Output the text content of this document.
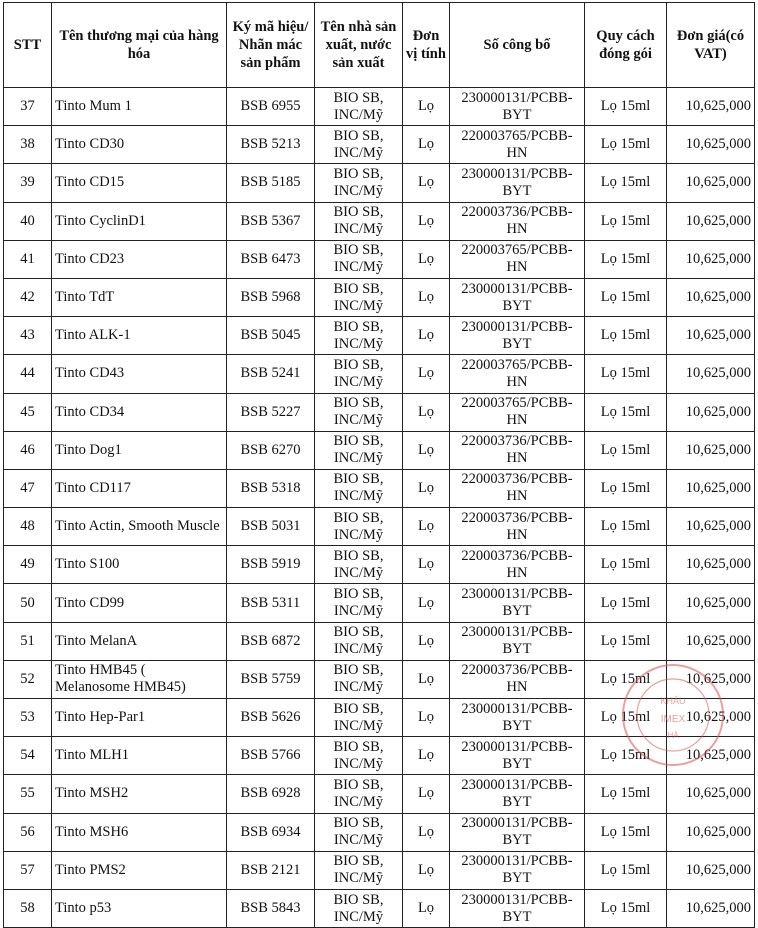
STT	Tên thương mại của hàng hóa	Ký mã hiệu/ Nhãn mác sản phẩm	Tên nhà sản xuất, nước sản xuất	Đơn vị tính	Số công bố	Quy cách đóng gói	Đơn giá(có VAT)
37	Tinto Mum 1	BSB 6955	BIO SB, INC/Mỹ	Lọ	230000131/PCBB-BYT	Lọ 15ml	10,625,000
38	Tinto CD30	BSB 5213	BIO SB, INC/Mỹ	Lọ	220003765/PCBB-HN	Lọ 15ml	10,625,000
39	Tinto CD15	BSB 5185	BIO SB, INC/Mỹ	Lọ	230000131/PCBB-BYT	Lọ 15ml	10,625,000
40	Tinto CyclinD1	BSB 5367	BIO SB, INC/Mỹ	Lọ	220003736/PCBB-HN	Lọ 15ml	10,625,000
41	Tinto CD23	BSB 6473	BIO SB, INC/Mỹ	Lọ	220003765/PCBB-HN	Lọ 15ml	10,625,000
42	Tinto TdT	BSB 5968	BIO SB, INC/Mỹ	Lọ	230000131/PCBB-BYT	Lọ 15ml	10,625,000
43	Tinto ALK-1	BSB 5045	BIO SB, INC/Mỹ	Lọ	230000131/PCBB-BYT	Lọ 15ml	10,625,000
44	Tinto CD43	BSB 5241	BIO SB, INC/Mỹ	Lọ	220003765/PCBB-HN	Lọ 15ml	10,625,000
45	Tinto CD34	BSB 5227	BIO SB, INC/Mỹ	Lọ	220003765/PCBB-HN	Lọ 15ml	10,625,000
46	Tinto Dog1	BSB 6270	BIO SB, INC/Mỹ	Lọ	220003736/PCBB-HN	Lọ 15ml	10,625,000
47	Tinto CD117	BSB 5318	BIO SB, INC/Mỹ	Lọ	220003736/PCBB-HN	Lọ 15ml	10,625,000
48	Tinto Actin, Smooth Muscle	BSB 5031	BIO SB, INC/Mỹ	Lọ	220003736/PCBB-HN	Lọ 15ml	10,625,000
49	Tinto S100	BSB 5919	BIO SB, INC/Mỹ	Lọ	220003736/PCBB-HN	Lọ 15ml	10,625,000
50	Tinto CD99	BSB 5311	BIO SB, INC/Mỹ	Lọ	230000131/PCBB-BYT	Lọ 15ml	10,625,000
51	Tinto MelanA	BSB 6872	BIO SB, INC/Mỹ	Lọ	230000131/PCBB-BYT	Lọ 15ml	10,625,000
52	Tinto HMB45 ( Melanosome HMB45)	BSB 5759	BIO SB, INC/Mỹ	Lọ	220003736/PCBB-HN	Lọ 15ml	10,625,000
53	Tinto Hep-Par1	BSB 5626	BIO SB, INC/Mỹ	Lọ	230000131/PCBB-BYT	Lọ 15ml	10,625,000
54	Tinto MLH1	BSB 5766	BIO SB, INC/Mỹ	Lọ	230000131/PCBB-BYT	Lọ 15ml	10,625,000
55	Tinto MSH2	BSB 6928	BIO SB, INC/Mỹ	Lọ	230000131/PCBB-BYT	Lọ 15ml	10,625,000
56	Tinto MSH6	BSB 6934	BIO SB, INC/Mỹ	Lọ	230000131/PCBB-BYT	Lọ 15ml	10,625,000
57	Tinto PMS2	BSB 2121	BIO SB, INC/Mỹ	Lọ	230000131/PCBB-BYT	Lọ 15ml	10,625,000
58	Tinto p53	BSB 5843	BIO SB, INC/Mỹ	Lọ	230000131/PCBB-BYT	Lọ 15ml	10,625,000
KHẨU
IMEX
HÀ
